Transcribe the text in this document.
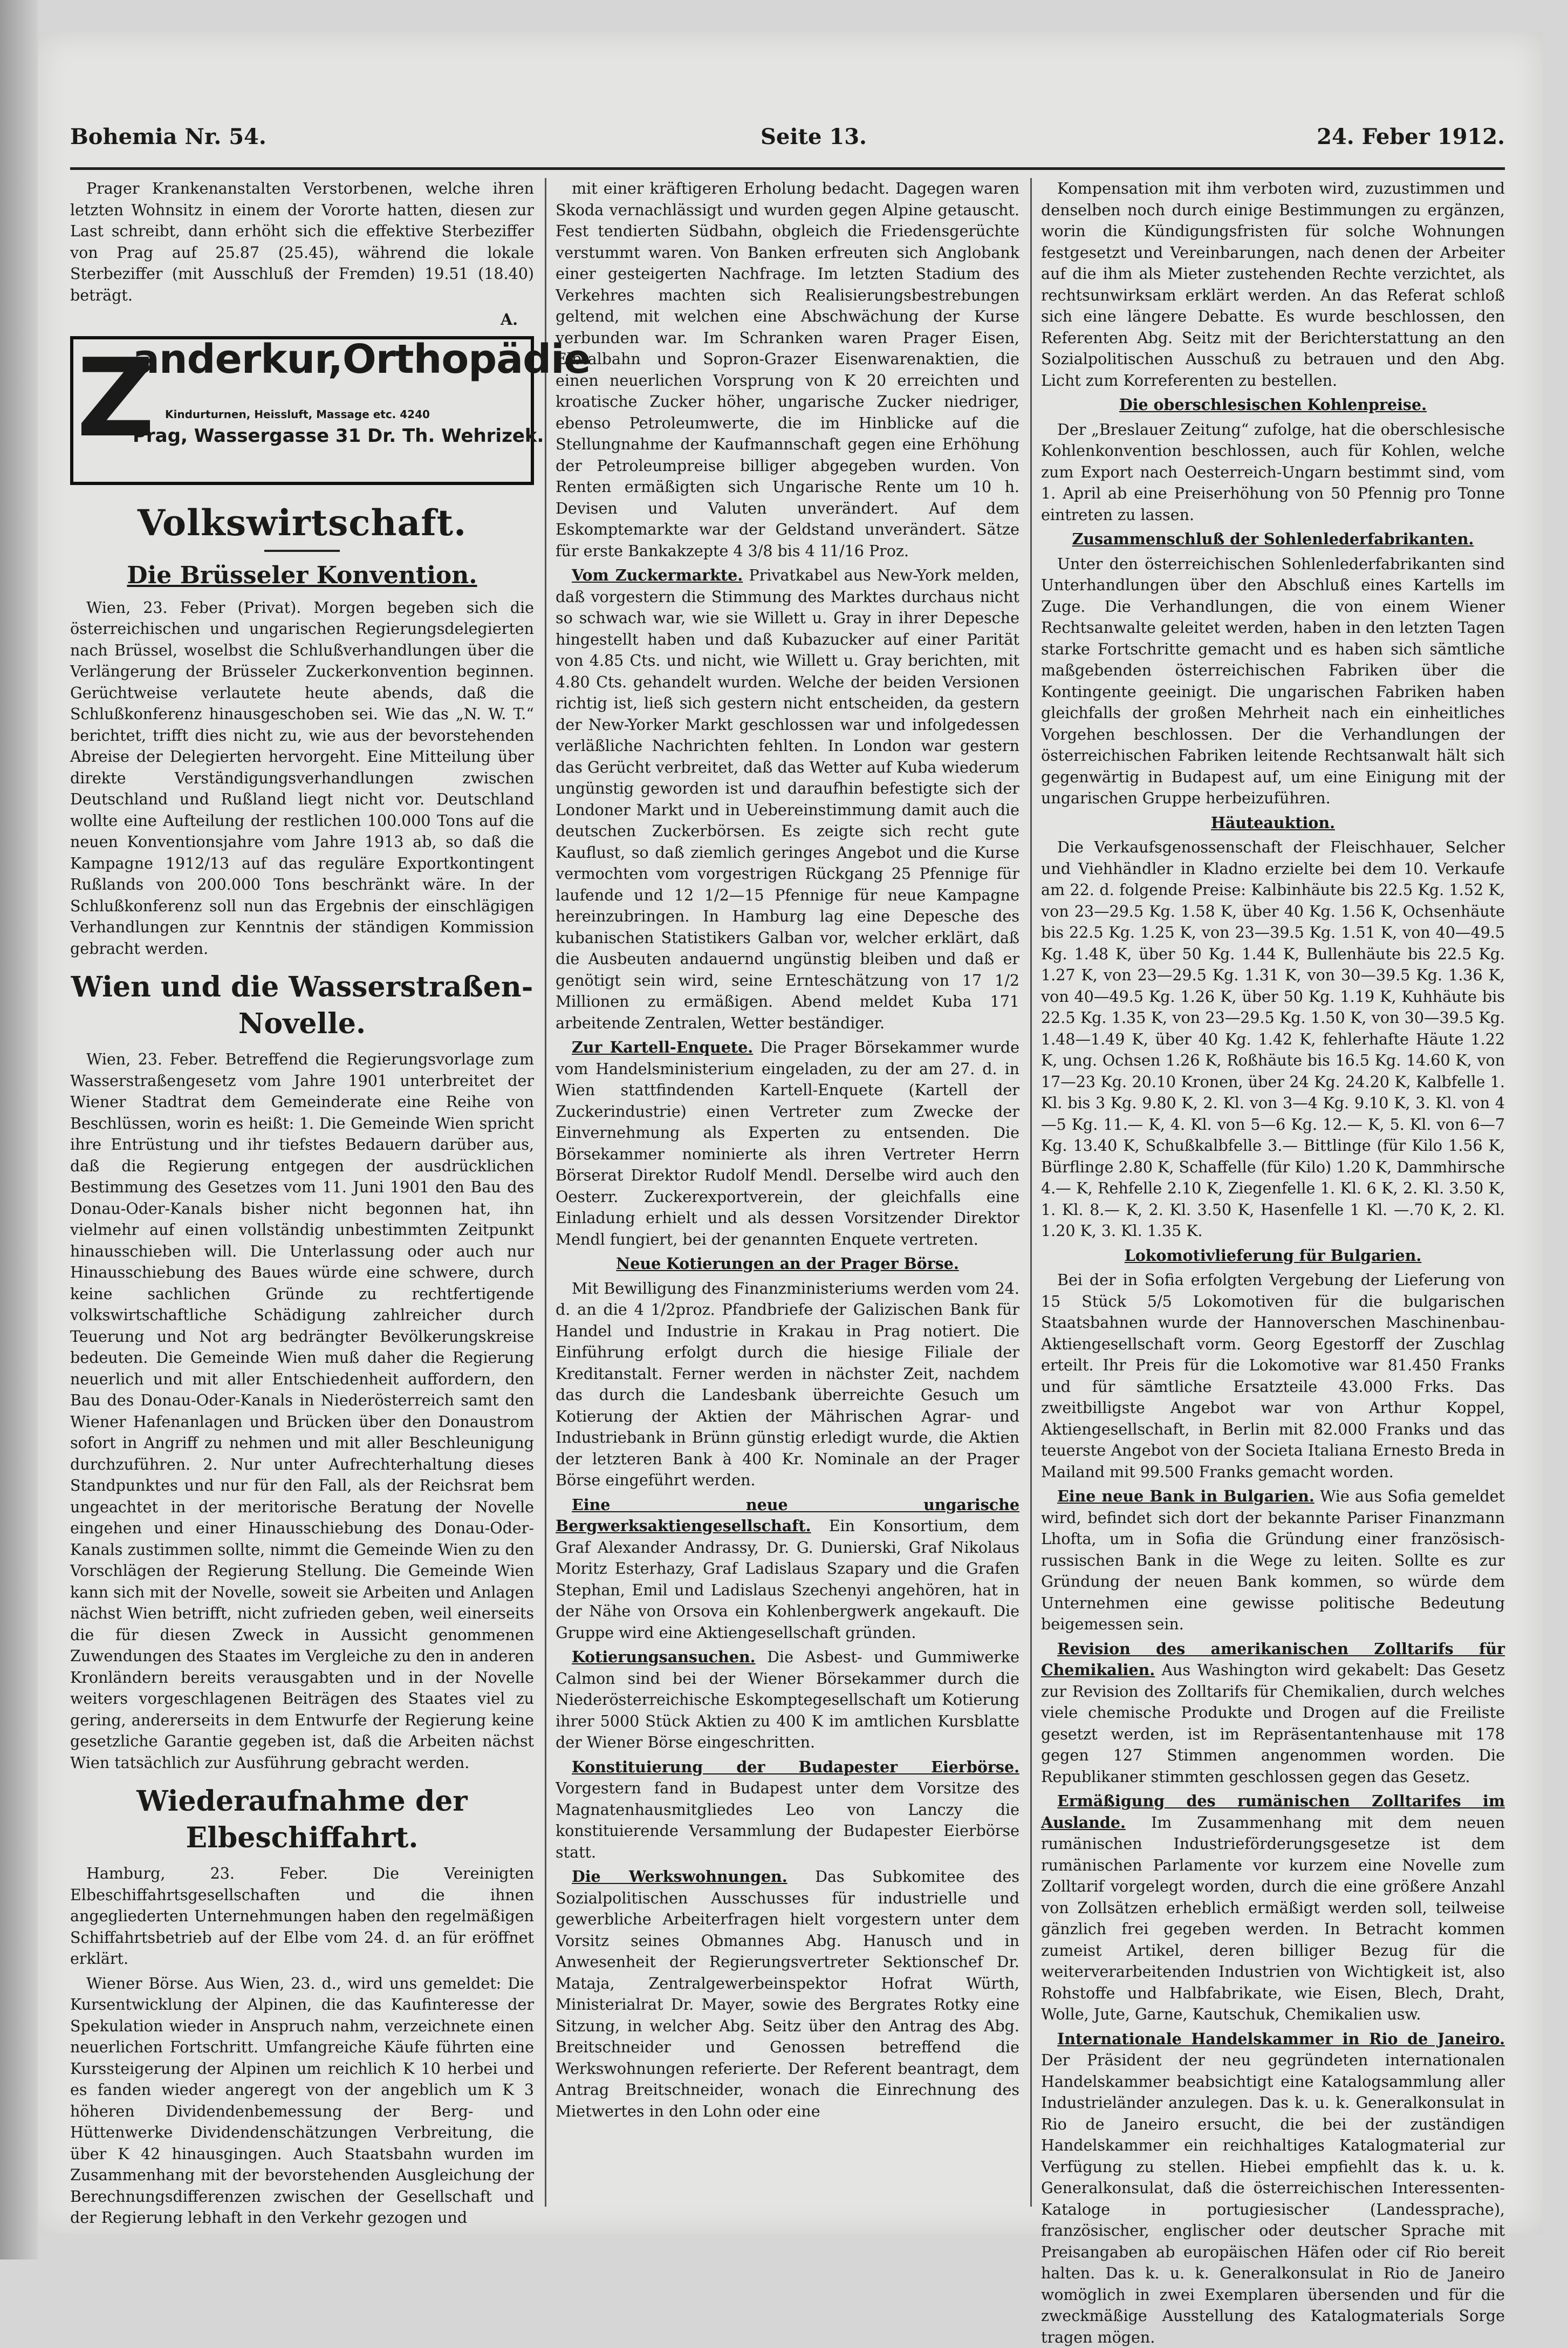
Bohemia Nr. 54.	Seite 13.	24. Feber 1912.

Prager Krankenanstalten Verstorbenen, welche ihren letzten Wohnsitz in einem der Vororte hatten, diesen zur Last schreibt, dann erhöht sich die effektive Sterbeziffer von Prag auf 25.87 (25.45), während die lokale Sterbeziffer (mit Ausschluß der Fremden) 19.51 (18.40) beträgt.

A.
Z
anderkur,Orthopädie
Kindurturnen, Heissluft, Massage etc. 4240
Prag, Wassergasse 31 Dr. Th. Wehrizek.
Volkswirtschaft.
Die Brüsseler Konvention.

Wien, 23. Feber (Privat). Morgen begeben sich die österreichischen und ungarischen Regierungsdelegierten nach Brüssel, woselbst die Schlußverhandlungen über die Verlängerung der Brüsseler Zuckerkonvention beginnen. Gerüchtweise verlautete heute abends, daß die Schlußkonferenz hinausgeschoben sei. Wie das „N. W. T.“ berichtet, trifft dies nicht zu, wie aus der bevorstehenden Abreise der Delegierten hervorgeht. Eine Mitteilung über direkte Verständigungsverhandlungen zwischen Deutschland und Rußland liegt nicht vor. Deutschland wollte eine Aufteilung der restlichen 100.000 Tons auf die neuen Konventionsjahre vom Jahre 1913 ab, so daß die Kampagne 1912/13 auf das reguläre Exportkontingent Rußlands von 200.000 Tons beschränkt wäre. In der Schlußkonferenz soll nun das Ergebnis der einschlägigen Verhandlungen zur Kenntnis der ständigen Kommission gebracht werden.

Wien und die Wasserstraßen-Novelle.

Wien, 23. Feber. Betreffend die Regierungsvorlage zum Wasserstraßengesetz vom Jahre 1901 unterbreitet der Wiener Stadtrat dem Gemeinderate eine Reihe von Beschlüssen, worin es heißt: 1. Die Gemeinde Wien spricht ihre Entrüstung und ihr tiefstes Bedauern darüber aus, daß die Regierung entgegen der ausdrücklichen Bestimmung des Gesetzes vom 11. Juni 1901 den Bau des Donau-Oder-Kanals bisher nicht begonnen hat, ihn vielmehr auf einen vollständig unbestimmten Zeitpunkt hinausschieben will. Die Unterlassung oder auch nur Hinausschiebung des Baues würde eine schwere, durch keine sachlichen Gründe zu rechtfertigende volkswirtschaftliche Schädigung zahlreicher durch Teuerung und Not arg bedrängter Bevölkerungskreise bedeuten. Die Gemeinde Wien muß daher die Regierung neuerlich und mit aller Entschiedenheit auffordern, den Bau des Donau-Oder-Kanals in Niederösterreich samt den Wiener Hafenanlagen und Brücken über den Donaustrom sofort in Angriff zu nehmen und mit aller Beschleunigung durchzuführen. 2. Nur unter Aufrechterhaltung dieses Standpunktes und nur für den Fall, als der Reichsrat bem ungeachtet in der meritorische Beratung der Novelle eingehen und einer Hinausschiebung des Donau-Oder-Kanals zustimmen sollte, nimmt die Gemeinde Wien zu den Vorschlägen der Regierung Stellung. Die Gemeinde Wien kann sich mit der Novelle, soweit sie Arbeiten und Anlagen nächst Wien betrifft, nicht zufrieden geben, weil einerseits die für diesen Zweck in Aussicht genommenen Zuwendungen des Staates im Vergleiche zu den in anderen Kronländern bereits verausgabten und in der Novelle weiters vorgeschlagenen Beiträgen des Staates viel zu gering, andererseits in dem Entwurfe der Regierung keine gesetzliche Garantie gegeben ist, daß die Arbeiten nächst Wien tatsächlich zur Ausführung gebracht werden.

Wiederaufnahme der Elbeschiffahrt.

Hamburg, 23. Feber. Die Vereinigten Elbeschiffahrtsgesellschaften und die ihnen angegliederten Unternehmungen haben den regelmäßigen Schiffahrtsbetrieb auf der Elbe vom 24. d. an für eröffnet erklärt.

Wiener Börse. Aus Wien, 23. d., wird uns gemeldet: Die Kursentwicklung der Alpinen, die das Kaufinteresse der Spekulation wieder in Anspruch nahm, verzeichnete einen neuerlichen Fortschritt. Umfangreiche Käufe führten eine Kurssteigerung der Alpinen um reichlich K 10 herbei und es fanden wieder angeregt von der angeblich um K 3 höheren Dividendenbemessung der Berg- und Hüttenwerke Dividendenschätzungen Verbreitung, die über K 42 hinausgingen. Auch Staatsbahn wurden im Zusammenhang mit der bevorstehenden Ausgleichung der Berechnungsdifferenzen zwischen der Gesellschaft und der Regierung lebhaft in den Verkehr gezogen und

mit einer kräftigeren Erholung bedacht. Dagegen waren Skoda vernachlässigt und wurden gegen Alpine getauscht. Fest tendierten Südbahn, obgleich die Friedensgerüchte verstummt waren. Von Banken erfreuten sich Anglobank einer gesteigerten Nachfrage. Im letzten Stadium des Verkehres machten sich Realisierungsbestrebungen geltend, mit welchen eine Abschwächung der Kurse verbunden war. Im Schranken waren Prager Eisen, Elbtalbahn und Sopron-Grazer Eisenwarenaktien, die einen neuerlichen Vorsprung von K 20 erreichten und kroatische Zucker höher, ungarische Zucker niedriger, ebenso Petroleumwerte, die im Hinblicke auf die Stellungnahme der Kaufmannschaft gegen eine Erhöhung der Petroleumpreise billiger abgegeben wurden. Von Renten ermäßigten sich Ungarische Rente um 10 h. Devisen und Valuten unverändert. Auf dem Eskomptemarkte war der Geldstand unverändert. Sätze für erste Bankakzepte 4 3/8 bis 4 11/16 Proz.

Vom Zuckermarkte. Privatkabel aus New-York melden, daß vorgestern die Stimmung des Marktes durchaus nicht so schwach war, wie sie Willett u. Gray in ihrer Depesche hingestellt haben und daß Kubazucker auf einer Parität von 4.85 Cts. und nicht, wie Willett u. Gray berichten, mit 4.80 Cts. gehandelt wurden. Welche der beiden Versionen richtig ist, ließ sich gestern nicht entscheiden, da gestern der New-Yorker Markt geschlossen war und infolgedessen verläßliche Nachrichten fehlten. In London war gestern das Gerücht verbreitet, daß das Wetter auf Kuba wiederum ungünstig geworden ist und daraufhin befestigte sich der Londoner Markt und in Uebereinstimmung damit auch die deutschen Zuckerbörsen. Es zeigte sich recht gute Kauflust, so daß ziemlich geringes Angebot und die Kurse vermochten vom vorgestrigen Rückgang 25 Pfennige für laufende und 12 1/2—15 Pfennige für neue Kampagne hereinzubringen. In Hamburg lag eine Depesche des kubanischen Statistikers Galban vor, welcher erklärt, daß die Ausbeuten andauernd ungünstig bleiben und daß er genötigt sein wird, seine Ernteschätzung von 17 1/2 Millionen zu ermäßigen. Abend meldet Kuba 171 arbeitende Zentralen, Wetter beständiger.

Zur Kartell-Enquete. Die Prager Börsekammer wurde vom Handelsministerium eingeladen, zu der am 27. d. in Wien stattfindenden Kartell-Enquete (Kartell der Zuckerindustrie) einen Vertreter zum Zwecke der Einvernehmung als Experten zu entsenden. Die Börsekammer nominierte als ihren Vertreter Herrn Börserat Direktor Rudolf Mendl. Derselbe wird auch den Oesterr. Zuckerexportverein, der gleichfalls eine Einladung erhielt und als dessen Vorsitzender Direktor Mendl fungiert, bei der genannten Enquete vertreten.

Neue Kotierungen an der Prager Börse.

Mit Bewilligung des Finanzministeriums werden vom 24. d. an die 4 1/2proz. Pfandbriefe der Galizischen Bank für Handel und Industrie in Krakau in Prag notiert. Die Einführung erfolgt durch die hiesige Filiale der Kreditanstalt. Ferner werden in nächster Zeit, nachdem das durch die Landesbank überreichte Gesuch um Kotierung der Aktien der Mährischen Agrar- und Industriebank in Brünn günstig erledigt wurde, die Aktien der letzteren Bank à 400 Kr. Nominale an der Prager Börse eingeführt werden.

Eine neue ungarische Bergwerksaktiengesellschaft. Ein Konsortium, dem Graf Alexander Andrassy, Dr. G. Dunierski, Graf Nikolaus Moritz Esterhazy, Graf Ladislaus Szapary und die Grafen Stephan, Emil und Ladislaus Szechenyi angehören, hat in der Nähe von Orsova ein Kohlenbergwerk angekauft. Die Gruppe wird eine Aktiengesellschaft gründen.

Kotierungsansuchen. Die Asbest- und Gummiwerke Calmon sind bei der Wiener Börsekammer durch die Niederösterreichische Eskomptegesellschaft um Kotierung ihrer 5000 Stück Aktien zu 400 K im amtlichen Kursblatte der Wiener Börse eingeschritten.

Konstituierung der Budapester Eierbörse. Vorgestern fand in Budapest unter dem Vorsitze des Magnatenhausmitgliedes Leo von Lanczy die konstituierende Versammlung der Budapester Eierbörse statt.

Die Werkswohnungen. Das Subkomitee des Sozialpolitischen Ausschusses für industrielle und gewerbliche Arbeiterfragen hielt vorgestern unter dem Vorsitz seines Obmannes Abg. Hanusch und in Anwesenheit der Regierungsvertreter Sektionschef Dr. Mataja, Zentralgewerbeinspektor Hofrat Würth, Ministerialrat Dr. Mayer, sowie des Bergrates Rotky eine Sitzung, in welcher Abg. Seitz über den Antrag des Abg. Breitschneider und Genossen betreffend die Werkswohnungen referierte. Der Referent beantragt, dem Antrag Breitschneider, wonach die Einrechnung des Mietwertes in den Lohn oder eine

Kompensation mit ihm verboten wird, zuzustimmen und denselben noch durch einige Bestimmungen zu ergänzen, worin die Kündigungsfristen für solche Wohnungen festgesetzt und Vereinbarungen, nach denen der Arbeiter auf die ihm als Mieter zustehenden Rechte verzichtet, als rechtsunwirksam erklärt werden. An das Referat schloß sich eine längere Debatte. Es wurde beschlossen, den Referenten Abg. Seitz mit der Berichterstattung an den Sozialpolitischen Ausschuß zu betrauen und den Abg. Licht zum Korreferenten zu bestellen.

Die oberschlesischen Kohlenpreise.

Der „Breslauer Zeitung“ zufolge, hat die oberschlesische Kohlenkonvention beschlossen, auch für Kohlen, welche zum Export nach Oesterreich-Ungarn bestimmt sind, vom 1. April ab eine Preiserhöhung von 50 Pfennig pro Tonne eintreten zu lassen.

Zusammenschluß der Sohlenlederfabrikanten.

Unter den österreichischen Sohlenlederfabrikanten sind Unterhandlungen über den Abschluß eines Kartells im Zuge. Die Verhandlungen, die von einem Wiener Rechtsanwalte geleitet werden, haben in den letzten Tagen starke Fortschritte gemacht und es haben sich sämtliche maßgebenden österreichischen Fabriken über die Kontingente geeinigt. Die ungarischen Fabriken haben gleichfalls der großen Mehrheit nach ein einheitliches Vorgehen beschlossen. Der die Verhandlungen der österreichischen Fabriken leitende Rechtsanwalt hält sich gegenwärtig in Budapest auf, um eine Einigung mit der ungarischen Gruppe herbeizuführen.

Häuteauktion.

Die Verkaufsgenossenschaft der Fleischhauer, Selcher und Viehhändler in Kladno erzielte bei dem 10. Verkaufe am 22. d. folgende Preise: Kalbinhäute bis 22.5 Kg. 1.52 K, von 23—29.5 Kg. 1.58 K, über 40 Kg. 1.56 K, Ochsenhäute bis 22.5 Kg. 1.25 K, von 23—39.5 Kg. 1.51 K, von 40—49.5 Kg. 1.48 K, über 50 Kg. 1.44 K, Bullenhäute bis 22.5 Kg. 1.27 K, von 23—29.5 Kg. 1.31 K, von 30—39.5 Kg. 1.36 K, von 40—49.5 Kg. 1.26 K, über 50 Kg. 1.19 K, Kuhhäute bis 22.5 Kg. 1.35 K, von 23—29.5 Kg. 1.50 K, von 30—39.5 Kg. 1.48—1.49 K, über 40 Kg. 1.42 K, fehlerhafte Häute 1.22 K, ung. Ochsen 1.26 K, Roßhäute bis 16.5 Kg. 14.60 K, von 17—23 Kg. 20.10 Kronen, über 24 Kg. 24.20 K, Kalbfelle 1. Kl. bis 3 Kg. 9.80 K, 2. Kl. von 3—4 Kg. 9.10 K, 3. Kl. von 4—5 Kg. 11.— K, 4. Kl. von 5—6 Kg. 12.— K, 5. Kl. von 6—7 Kg. 13.40 K, Schußkalbfelle 3.— Bittlinge (für Kilo 1.56 K, Bürflinge 2.80 K, Schaffelle (für Kilo) 1.20 K, Dammhirsche 4.— K, Rehfelle 2.10 K, Ziegenfelle 1. Kl. 6 K, 2. Kl. 3.50 K, 1. Kl. 8.— K, 2. Kl. 3.50 K, Hasenfelle 1 Kl. —.70 K, 2. Kl. 1.20 K, 3. Kl. 1.35 K.

Lokomotivlieferung für Bulgarien.

Bei der in Sofia erfolgten Vergebung der Lieferung von 15 Stück 5/5 Lokomotiven für die bulgarischen Staatsbahnen wurde der Hannoverschen Maschinenbau-Aktiengesellschaft vorm. Georg Egestorff der Zuschlag erteilt. Ihr Preis für die Lokomotive war 81.450 Franks und für sämtliche Ersatzteile 43.000 Frks. Das zweitbilligste Angebot war von Arthur Koppel, Aktiengesellschaft, in Berlin mit 82.000 Franks und das teuerste Angebot von der Societa Italiana Ernesto Breda in Mailand mit 99.500 Franks gemacht worden.

Eine neue Bank in Bulgarien. Wie aus Sofia gemeldet wird, befindet sich dort der bekannte Pariser Finanzmann Lhofta, um in Sofia die Gründung einer französisch-russischen Bank in die Wege zu leiten. Sollte es zur Gründung der neuen Bank kommen, so würde dem Unternehmen eine gewisse politische Bedeutung beigemessen sein.

Revision des amerikanischen Zolltarifs für Chemikalien. Aus Washington wird gekabelt: Das Gesetz zur Revision des Zolltarifs für Chemikalien, durch welches viele chemische Produkte und Drogen auf die Freiliste gesetzt werden, ist im Repräsentantenhause mit 178 gegen 127 Stimmen angenommen worden. Die Republikaner stimmten geschlossen gegen das Gesetz.

Ermäßigung des rumänischen Zolltarifes im Auslande. Im Zusammenhang mit dem neuen rumänischen Industrieförderungsgesetze ist dem rumänischen Parlamente vor kurzem eine Novelle zum Zolltarif vorgelegt worden, durch die eine größere Anzahl von Zollsätzen erheblich ermäßigt werden soll, teilweise gänzlich frei gegeben werden. In Betracht kommen zumeist Artikel, deren billiger Bezug für die weiterverarbeitenden Industrien von Wichtigkeit ist, also Rohstoffe und Halbfabrikate, wie Eisen, Blech, Draht, Wolle, Jute, Garne, Kautschuk, Chemikalien usw.

Internationale Handelskammer in Rio de Janeiro. Der Präsident der neu gegründeten internationalen Handelskammer beabsichtigt eine Katalogsammlung aller Industrieländer anzulegen. Das k. u. k. Generalkonsulat in Rio de Janeiro ersucht, die bei der zuständigen Handelskammer ein reichhaltiges Katalogmaterial zur Verfügung zu stellen. Hiebei empfiehlt das k. u. k. Generalkonsulat, daß die österreichischen Interessenten-Kataloge in portugiesischer (Landessprache), französischer, englischer oder deutscher Sprache mit Preisangaben ab europäischen Häfen oder cif Rio bereit halten. Das k. u. k. Generalkonsulat in Rio de Janeiro womöglich in zwei Exemplaren übersenden und für die zweckmäßige Ausstellung des Katalogmaterials Sorge tragen mögen.
